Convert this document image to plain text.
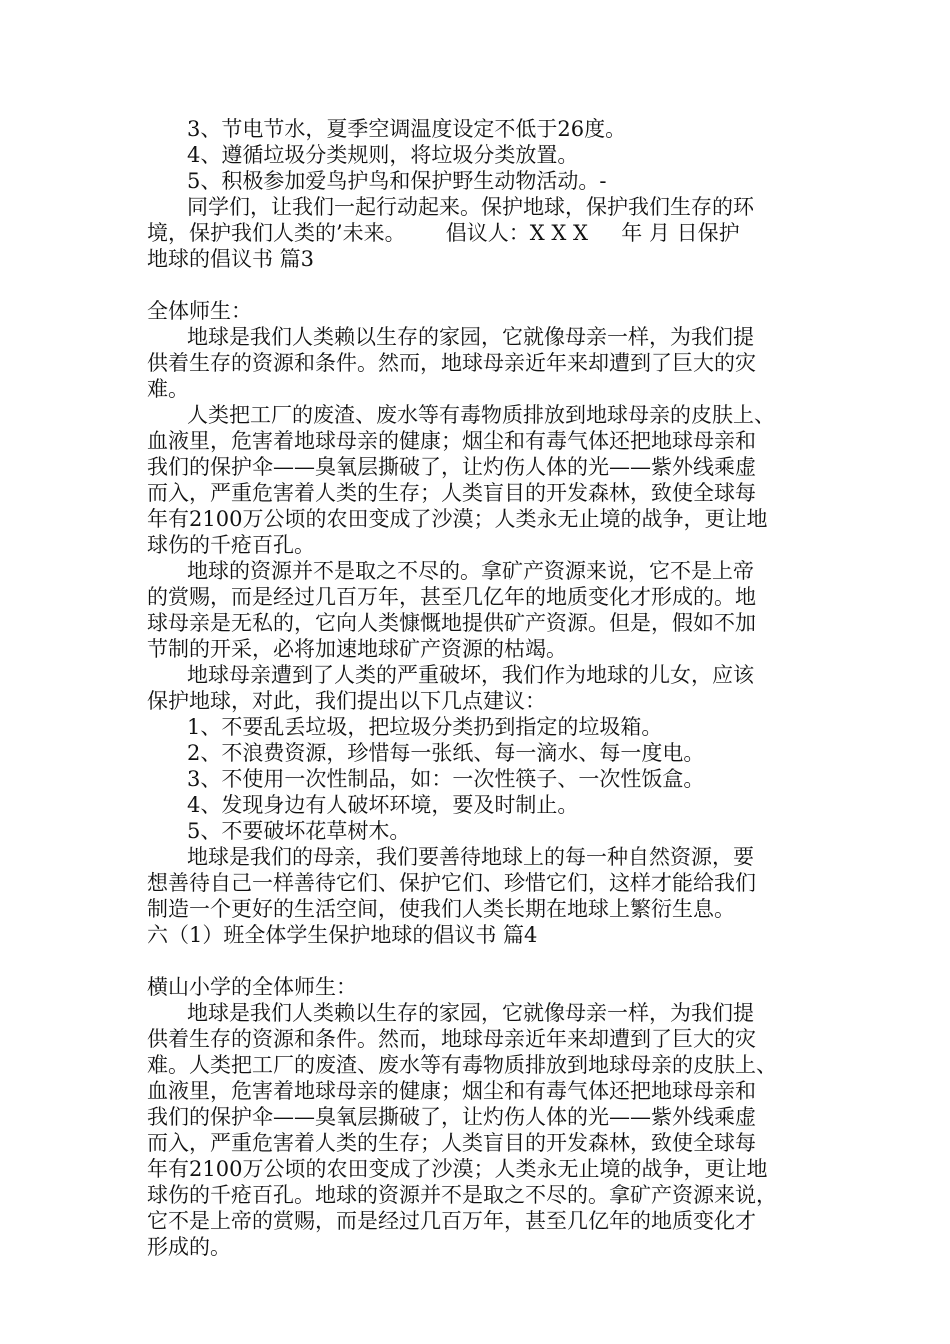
3、节电节水，夏季空调温度设定不低于26度。
4、遵循垃圾分类规则，将垃圾分类放置。
5、积极参加爱鸟护鸟和保护野生动物活动。-
同学们，让我们一起行动起来。保护地球，保护我们生存的环
境，保护我们人类的’未来。      倡议人：X X X     年 月 日保护
地球的倡议书 篇3
全体师生：
地球是我们人类赖以生存的家园，它就像母亲一样，为我们提
供着生存的资源和条件。然而，地球母亲近年来却遭到了巨大的灾
难。
人类把工厂的废渣、废水等有毒物质排放到地球母亲的皮肤上、
血液里，危害着地球母亲的健康；烟尘和有毒气体还把地球母亲和
我们的保护伞——臭氧层撕破了，让灼伤人体的光——紫外线乘虚
而入，严重危害着人类的生存；人类盲目的开发森林，致使全球每
年有2100万公顷的农田变成了沙漠；人类永无止境的战争，更让地
球伤的千疮百孔。
地球的资源并不是取之不尽的。拿矿产资源来说，它不是上帝
的赏赐，而是经过几百万年，甚至几亿年的地质变化才形成的。地
球母亲是无私的，它向人类慷慨地提供矿产资源。但是，假如不加
节制的开采，必将加速地球矿产资源的枯竭。
地球母亲遭到了人类的严重破坏，我们作为地球的儿女，应该
保护地球，对此，我们提出以下几点建议：
1、不要乱丢垃圾，把垃圾分类扔到指定的垃圾箱。
2、不浪费资源，珍惜每一张纸、每一滴水、每一度电。
3、不使用一次性制品，如：一次性筷子、一次性饭盒。
4、发现身边有人破坏环境，要及时制止。
5、不要破坏花草树木。
地球是我们的母亲，我们要善待地球上的每一种自然资源，要
想善待自己一样善待它们、保护它们、珍惜它们，这样才能给我们
制造一个更好的生活空间，使我们人类长期在地球上繁衍生息。
六（1）班全体学生保护地球的倡议书 篇4
横山小学的全体师生：
地球是我们人类赖以生存的家园，它就像母亲一样，为我们提
供着生存的资源和条件。然而，地球母亲近年来却遭到了巨大的灾
难。人类把工厂的废渣、废水等有毒物质排放到地球母亲的皮肤上、
血液里，危害着地球母亲的健康；烟尘和有毒气体还把地球母亲和
我们的保护伞——臭氧层撕破了，让灼伤人体的光——紫外线乘虚
而入，严重危害着人类的生存；人类盲目的开发森林，致使全球每
年有2100万公顷的农田变成了沙漠；人类永无止境的战争，更让地
球伤的千疮百孔。地球的资源并不是取之不尽的。拿矿产资源来说，
它不是上帝的赏赐，而是经过几百万年，甚至几亿年的地质变化才
形成的。
